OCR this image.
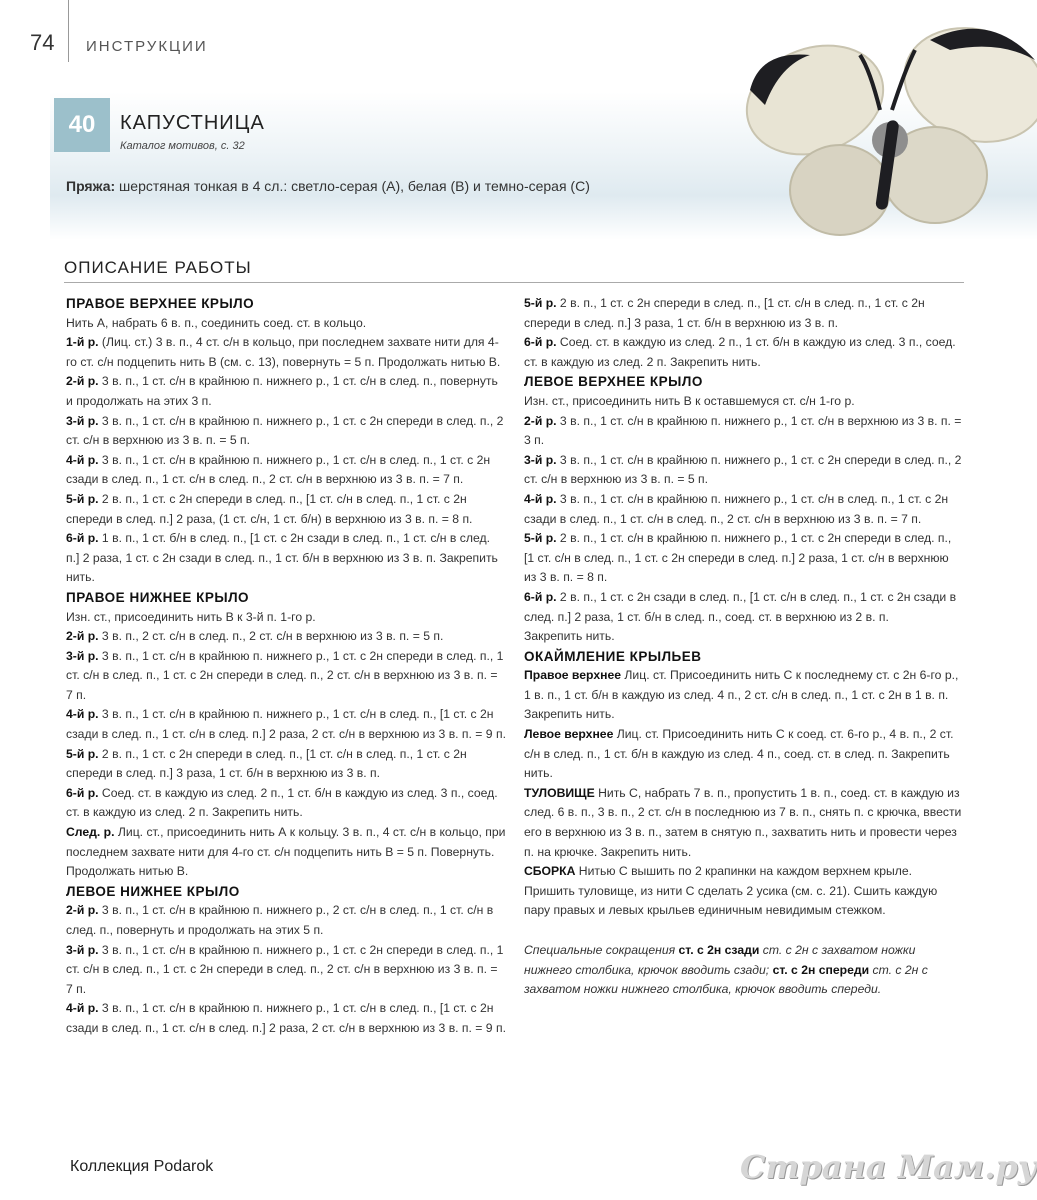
74 ИНСТРУКЦИИ
40	КАПУСТНИЦА
Каталог мотивов, с. 32
Пряжа: шерстяная тонкая в 4 сл.: светло-серая (А), белая (В) и темно-серая (С)
ОПИСАНИЕ РАБОТЫ
ПРАВОЕ ВЕРХНЕЕ КРЫЛО

Нить А, набрать 6 в. п., соединить соед. ст. в кольцо.

1-й р. (Лиц. ст.) 3 в. п., 4 ст. с/н в кольцо, при последнем захвате нити для 4-го ст. с/н подцепить нить В (см. с. 13), повернуть = 5 п. Продолжать нитью В.

2-й р. 3 в. п., 1 ст. с/н в крайнюю п. нижнего р., 1 ст. с/н в след. п., повернуть и продолжать на этих 3 п.

3-й р. 3 в. п., 1 ст. с/н в крайнюю п. нижнего р., 1 ст. с 2н спереди в след. п., 2 ст. с/н в верхнюю из 3 в. п. = 5 п.

4-й р. 3 в. п., 1 ст. с/н в крайнюю п. нижнего р., 1 ст. с/н в след. п., 1 ст. с 2н сзади в след. п., 1 ст. с/н в след. п., 2 ст. с/н в верхнюю из 3 в. п. = 7 п.

5-й р. 2 в. п., 1 ст. с 2н спереди в след. п., [1 ст. с/н в след. п., 1 ст. с 2н спереди в след. п.] 2 раза, (1 ст. с/н, 1 ст. б/н) в верхнюю из 3 в. п. = 8 п.

6-й р. 1 в. п., 1 ст. б/н в след. п., [1 ст. с 2н сзади в след. п., 1 ст. с/н в след. п.] 2 раза, 1 ст. с 2н сзади в след. п., 1 ст. б/н в верхнюю из 3 в. п. Закрепить нить.

ПРАВОЕ НИЖНЕЕ КРЫЛО

Изн. ст., присоединить нить В к 3-й п. 1-го р.

2-й р. 3 в. п., 2 ст. с/н в след. п., 2 ст. с/н в верхнюю из 3 в. п. = 5 п.

3-й р. 3 в. п., 1 ст. с/н в крайнюю п. нижнего р., 1 ст. с 2н спереди в след. п., 1 ст. с/н в след. п., 1 ст. с 2н спереди в след. п., 2 ст. с/н в верхнюю из 3 в. п. = 7 п.

4-й р. 3 в. п., 1 ст. с/н в крайнюю п. нижнего р., 1 ст. с/н в след. п., [1 ст. с 2н сзади в след. п., 1 ст. с/н в след. п.] 2 раза, 2 ст. с/н в верхнюю из 3 в. п. = 9 п.

5-й р. 2 в. п., 1 ст. с 2н спереди в след. п., [1 ст. с/н в след. п., 1 ст. с 2н спереди в след. п.] 3 раза, 1 ст. б/н в верхнюю из 3 в. п.

6-й р. Соед. ст. в каждую из след. 2 п., 1 ст. б/н в каждую из след. 3 п., соед. ст. в каждую из след. 2 п. Закрепить нить.

След. р. Лиц. ст., присоединить нить А к кольцу. 3 в. п., 4 ст. с/н в кольцо, при последнем захвате нити для 4-го ст. с/н подцепить нить В = 5 п. Повернуть. Продолжать нитью В.

ЛЕВОЕ НИЖНЕЕ КРЫЛО

2-й р. 3 в. п., 1 ст. с/н в крайнюю п. нижнего р., 2 ст. с/н в след. п., 1 ст. с/н в след. п., повернуть и продолжать на этих 5 п.

3-й р. 3 в. п., 1 ст. с/н в крайнюю п. нижнего р., 1 ст. с 2н спереди в след. п., 1 ст. с/н в след. п., 1 ст. с 2н спереди в след. п., 2 ст. с/н в верхнюю из 3 в. п. = 7 п.

4-й р. 3 в. п., 1 ст. с/н в крайнюю п. нижнего р., 1 ст. с/н в след. п., [1 ст. с 2н сзади в след. п., 1 ст. с/н в след. п.] 2 раза, 2 ст. с/н в верхнюю из 3 в. п. = 9 п.

5-й р. 2 в. п., 1 ст. с 2н спереди в след. п., [1 ст. с/н в след. п., 1 ст. с 2н спереди в след. п.] 3 раза, 1 ст. б/н в верхнюю из 3 в. п.

6-й р. Соед. ст. в каждую из след. 2 п., 1 ст. б/н в каждую из след. 3 п., соед. ст. в каждую из след. 2 п. Закрепить нить.

ЛЕВОЕ ВЕРХНЕЕ КРЫЛО

Изн. ст., присоединить нить В к оставшемуся ст. с/н 1-го р.

2-й р. 3 в. п., 1 ст. с/н в крайнюю п. нижнего р., 1 ст. с/н в верхнюю из 3 в. п. = 3 п.

3-й р. 3 в. п., 1 ст. с/н в крайнюю п. нижнего р., 1 ст. с 2н спереди в след. п., 2 ст. с/н в верхнюю из 3 в. п. = 5 п.

4-й р. 3 в. п., 1 ст. с/н в крайнюю п. нижнего р., 1 ст. с/н в след. п., 1 ст. с 2н сзади в след. п., 1 ст. с/н в след. п., 2 ст. с/н в верхнюю из 3 в. п. = 7 п.

5-й р. 2 в. п., 1 ст. с/н в крайнюю п. нижнего р., 1 ст. с 2н спереди в след. п., [1 ст. с/н в след. п., 1 ст. с 2н спереди в след. п.] 2 раза, 1 ст. с/н в верхнюю из 3 в. п. = 8 п.

6-й р. 2 в. п., 1 ст. с 2н сзади в след. п., [1 ст. с/н в след. п., 1 ст. с 2н сзади в след. п.] 2 раза, 1 ст. б/н в след. п., соед. ст. в верхнюю из 2 в. п.

Закрепить нить.

ОКАЙМЛЕНИЕ КРЫЛЬЕВ

Правое верхнее Лиц. ст. Присоединить нить С к последнему ст. с 2н 6-го р., 1 в. п., 1 ст. б/н в каждую из след. 4 п., 2 ст. с/н в след. п., 1 ст. с 2н в 1 в. п. Закрепить нить.

Левое верхнее Лиц. ст. Присоединить нить С к соед. ст. 6-го р., 4 в. п., 2 ст. с/н в след. п., 1 ст. б/н в каждую из след. 4 п., соед. ст. в след. п. Закрепить нить.

ТУЛОВИЩЕ Нить С, набрать 7 в. п., пропустить 1 в. п., соед. ст. в каждую из след. 6 в. п., 3 в. п., 2 ст. с/н в последнюю из 7 в. п., снять п. с крючка, ввести его в верхнюю из 3 в. п., затем в снятую п., захватить нить и провести через п. на крючке. Закрепить нить.

СБОРКА Нитью С вышить по 2 крапинки на каждом верхнем крыле. Пришить туловище, из нити С сделать 2 усика (см. с. 21). Сшить каждую пару правых и левых крыльев единичным невидимым стежком.

Специальные сокращения ст. с 2н сзади ст. с 2н с захватом ножки нижнего столбика, крючок вводить сзади; ст. с 2н спереди ст. с 2н с захватом ножки нижнего столбика, крючок вводить спереди.

Коллекция Podarok	Страна Мам.ру
